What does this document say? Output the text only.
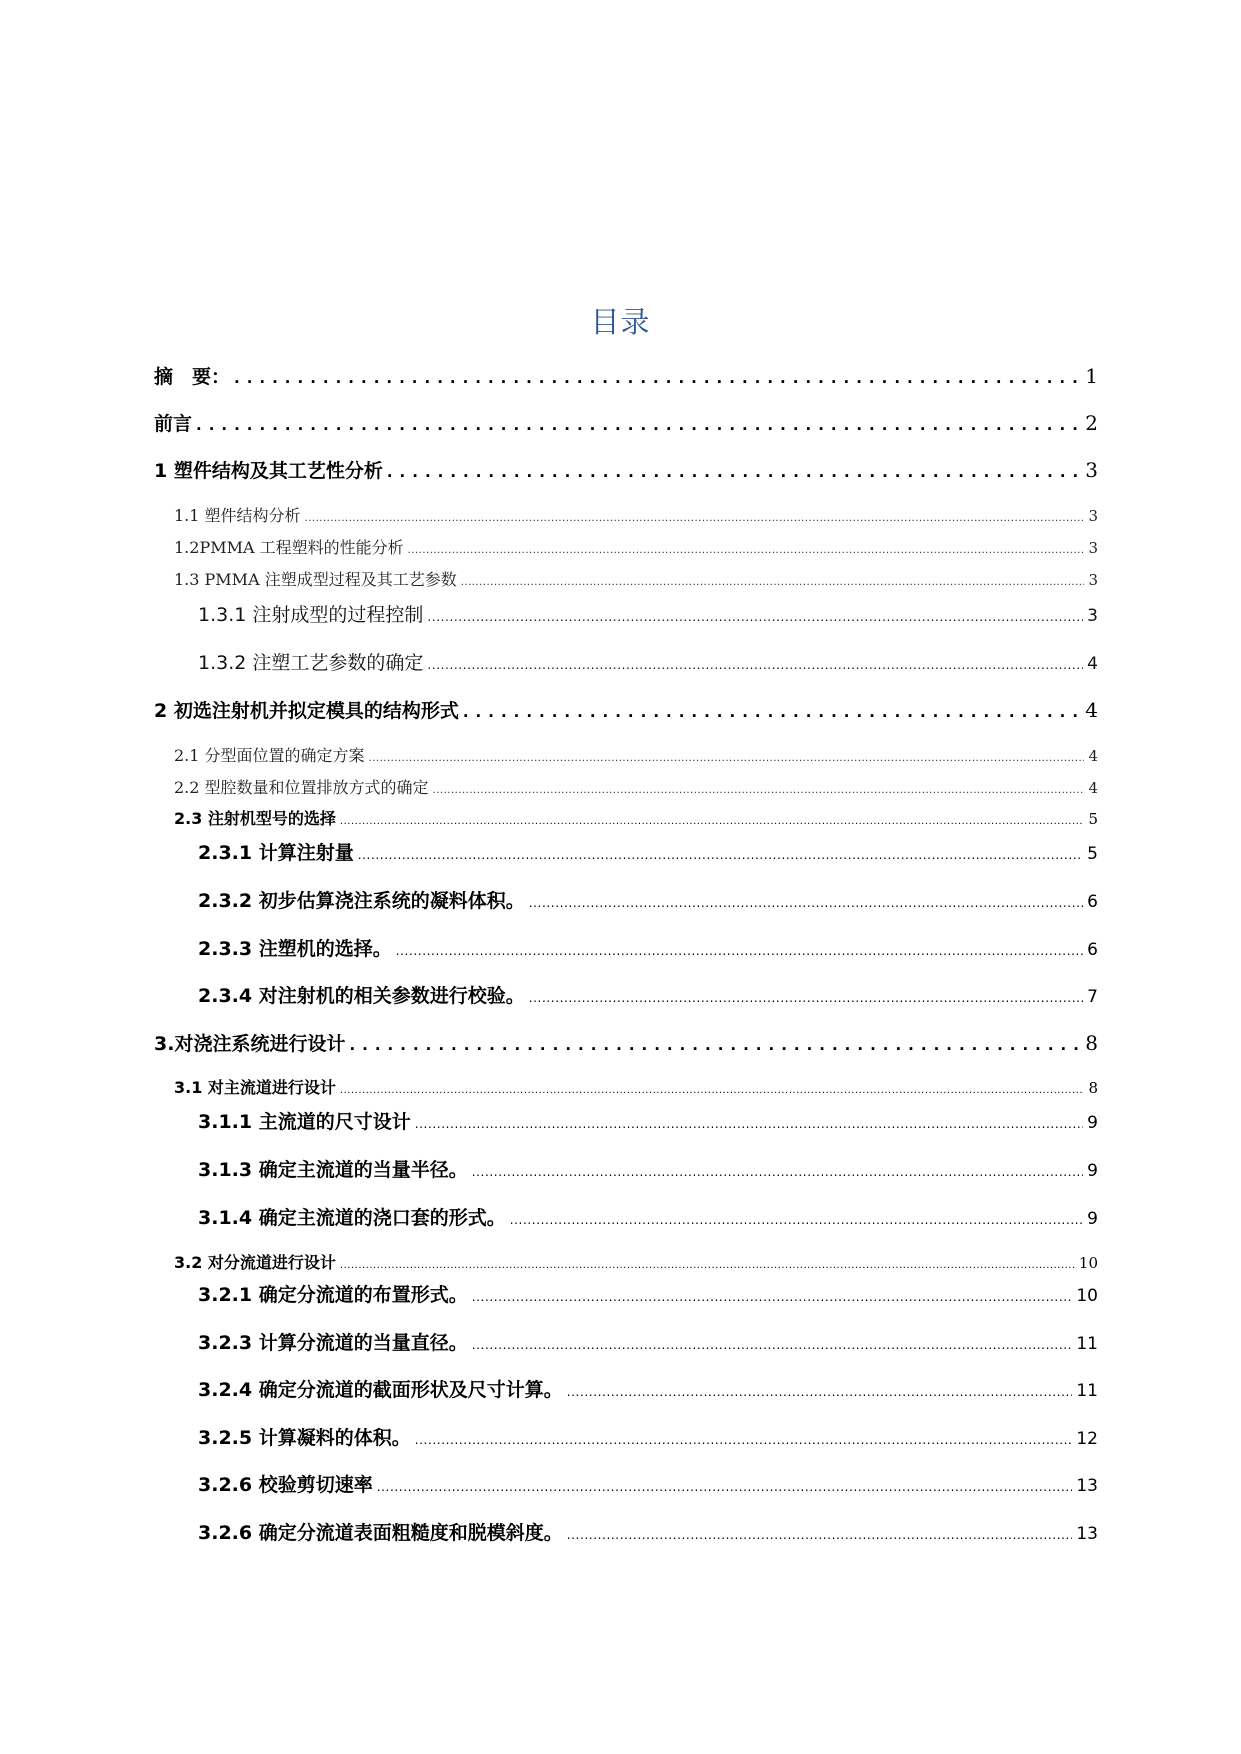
目录
摘　要： .....	1
前言 .....	2
1 塑件结构及其工艺性分析 .....	3
1.1 塑件结构分析 .....	3
1.2PMMA 工程塑料的性能分析 .....	3
1.3 PMMA 注塑成型过程及其工艺参数 .....	3
1.3.1 注射成型的过程控制 .....	3
1.3.2 注塑工艺参数的确定 .....	4
2 初选注射机并拟定模具的结构形式 .....	4
2.1 分型面位置的确定方案 .....	4
2.2 型腔数量和位置排放方式的确定 .....	4
2.3 注射机型号的选择 .....	5
2.3.1 计算注射量 .....	5
2.3.2 初步估算浇注系统的凝料体积。 .....	6
2.3.3 注塑机的选择。 .....	6
2.3.4 对注射机的相关参数进行校验。 .....	7
3.对浇注系统进行设计 .....	8
3.1 对主流道进行设计 .....	8
3.1.1 主流道的尺寸设计 .....	9
3.1.3 确定主流道的当量半径。 .....	9
3.1.4 确定主流道的浇口套的形式。 .....	9
3.2 对分流道进行设计 .....	10
3.2.1 确定分流道的布置形式。 .....	10
3.2.3 计算分流道的当量直径。 .....	11
3.2.4 确定分流道的截面形状及尺寸计算。 .....	11
3.2.5 计算凝料的体积。 .....	12
3.2.6 校验剪切速率 .....	13
3.2.6 确定分流道表面粗糙度和脱模斜度。 .....	13
